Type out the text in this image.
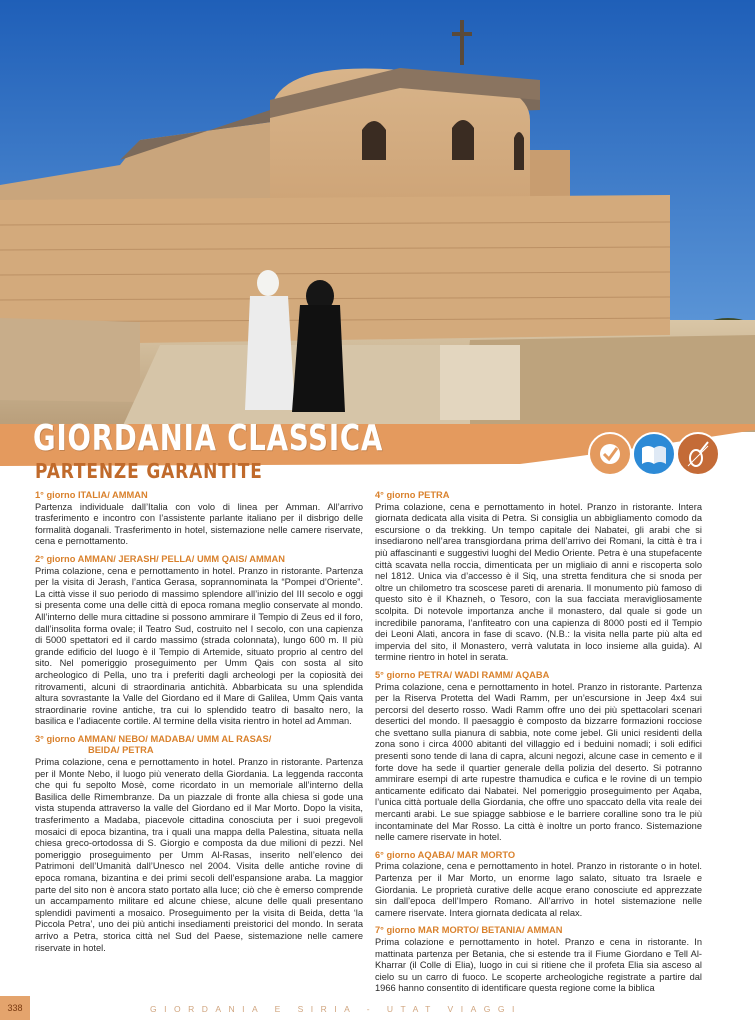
GIORDANIA CLASSICA
PARTENZE GARANTITE
1° giorno ITALIA/ AMMAN

Partenza individuale dall’Italia con volo di linea per Amman. All’arrivo trasferimento e incontro con l’assistente parlante italiano per il disbrigo delle formalità doganali. Trasferimento in hotel, sistemazione nelle camere riservate, cena e pernottamento.

2° giorno AMMAN/ JERASH/ PELLA/ UMM QAIS/ AMMAN

Prima colazione, cena e pernottamento in hotel. Pranzo in ristorante. Partenza per la visita di Jerash, l’antica Gerasa, soprannominata la “Pompei d’Oriente”. La città visse il suo periodo di massimo splendore all’inizio del III secolo e oggi si presenta come una delle città di epoca romana meglio conservate al mondo. All’interno delle mura cittadine si possono ammirare il Tempio di Zeus ed il foro, dall’insolita forma ovale; il Teatro Sud, costruito nel I secolo, con una capienza di 5000 spettatori ed il cardo massimo (strada colonnata), lungo 600 m. Il più grande edificio del luogo è il Tempio di Artemide, situato proprio al centro del sito. Nel pomeriggio proseguimento per Umm Qais con sosta al sito archeologico di Pella, uno tra i preferiti dagli archeologi per la copiosità dei ritrovamenti, alcuni di straordinaria antichità. Abbarbicata su una splendida altura sovrastante la Valle del Giordano ed il Mare di Galilea, Umm Qais vanta straordinarie rovine antiche, tra cui lo splendido teatro di basalto nero, la basilica e l’adiacente cortile. Al termine della visita rientro in hotel ad Amman.

3° giorno AMMAN/ NEBO/ MADABA/ UMM AL RASAS/
BEIDA/ PETRA

Prima colazione, cena e pernottamento in hotel. Pranzo in ristorante. Partenza per il Monte Nebo, il luogo più venerato della Giordania. La leggenda racconta che qui fu sepolto Mosè, come ricordato in un memoriale all’interno della Basilica delle Rimembranze. Da un piazzale di fronte alla chiesa si gode una vista stupenda attraverso la valle del Giordano ed il Mar Morto. Dopo la visita, trasferimento a Madaba, piacevole cittadina conosciuta per i suoi pregevoli mosaici di epoca bizantina, tra i quali una mappa della Palestina, situata nella chiesa greco-ortodossa di S. Giorgio e composta da due milioni di pezzi. Nel pomeriggio proseguimento per Umm Al-Rasas, inserito nell’elenco dei Patrimoni dell’Umanità dall’Unesco nel 2004. Visita delle antiche rovine di epoca romana, bizantina e dei primi secoli dell’espansione araba. La maggior parte del sito non è ancora stato portato alla luce; ciò che è emerso comprende un accampamento militare ed alcune chiese, alcune delle quali presentano splendidi pavimenti a mosaico. Proseguimento per la visita di Beida, detta ‘la Piccola Petra’, uno dei più antichi insediamenti preistorici del mondo. In serata arrivo a Petra, storica città nel Sud del Paese, sistemazione nelle camere riservate in hotel.

4° giorno PETRA

Prima colazione, cena e pernottamento in hotel. Pranzo in ristorante. Intera giornata dedicata alla visita di Petra. Si consiglia un abbigliamento comodo da escursione o da trekking. Un tempo capitale dei Nabatei, gli arabi che si insediarono nell’area transgiordana prima dell’arrivo dei Romani, la città è tra i più affascinanti e suggestivi luoghi del Medio Oriente. Petra è una stupefacente città scavata nella roccia, dimenticata per un migliaio di anni e riscoperta solo nel 1812. Unica via d’accesso è il Siq, una stretta fenditura che si snoda per oltre un chilometro tra scoscese pareti di arenaria. Il monumento più famoso di questo sito è il Khazneh, o Tesoro, con la sua facciata meravigliosamente scolpita. Di notevole importanza anche il monastero, dal quale si gode un incredibile panorama, l’anfiteatro con una capienza di 8000 posti ed il Tempio dei Leoni Alati, ancora in fase di scavo. (N.B.: la visita nella parte più alta ed impervia del sito, il Monastero, verrà valutata in loco insieme alla guida). Al termine rientro in hotel in serata.

5° giorno PETRA/ WADI RAMM/ AQABA

Prima colazione, cena e pernottamento in hotel. Pranzo in ristorante. Partenza per la Riserva Protetta del Wadi Ramm, per un’escursione in Jeep 4x4 sui percorsi del deserto rosso. Wadi Ramm offre uno dei più spettacolari scenari desertici del mondo. Il paesaggio è composto da bizzarre formazioni rocciose che svettano sulla pianura di sabbia, note come jebel. Gli unici residenti della zona sono i circa 4000 abitanti del villaggio ed i beduini nomadi; i soli edifici presenti sono tende di lana di capra, alcuni negozi, alcune case in cemento e il forte dove ha sede il quartier generale della polizia del deserto. Si potranno ammirare esempi di arte rupestre thamudica e cufica e le rovine di un tempio anticamente edificato dai Nabatei. Nel pomeriggio proseguimento per Aqaba, l’unica città portuale della Giordania, che offre uno spaccato della vita reale dei mercanti arabi. Le sue spiagge sabbiose e le barriere coralline sono tra le più incontaminate del Mar Rosso. La città è inoltre un porto franco. Sistemazione nelle camere riservate in hotel.

6° giorno AQABA/ MAR MORTO

Prima colazione, cena e pernottamento in hotel. Pranzo in ristorante o in hotel. Partenza per il Mar Morto, un enorme lago salato, situato tra Israele e Giordania. Le proprietà curative delle acque erano conosciute ed apprezzate sin dall’epoca dell’Impero Romano. All’arrivo in hotel sistemazione nelle camere riservate. Intera giornata dedicata al relax.

7° giorno MAR MORTO/ BETANIA/ AMMAN

Prima colazione e pernottamento in hotel. Pranzo e cena in ristorante. In mattinata partenza per Betania, che si estende tra il Fiume Giordano e Tell Al-Kharrar (il Colle di Elia), luogo in cui si ritiene che il profeta Elia sia asceso al cielo su un carro di fuoco. Le scoperte archeologiche registrate a partire dal 1966 hanno consentito di identificare questa regione come la biblica

338	GIORDANIA E SIRIA - UTAT VIAGGI
